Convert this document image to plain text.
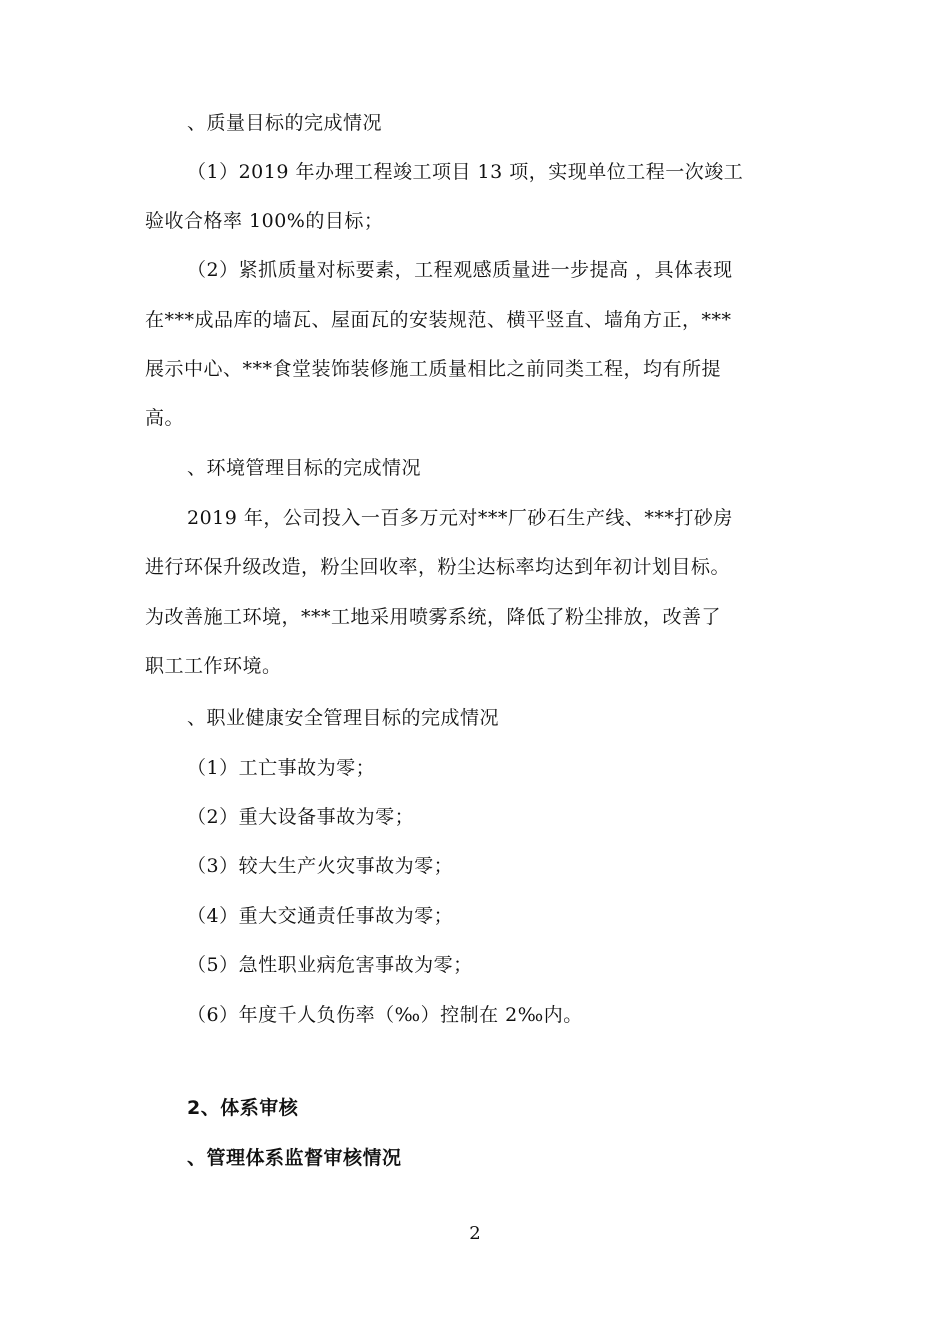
、质量目标的完成情况
（1）2019 年办理工程竣工项目 13 项，实现单位工程一次竣工
验收合格率 100%的目标；
（2）紧抓质量对标要素，工程观感质量进一步提高 ，具体表现
在***成品库的墙瓦、屋面瓦的安装规范、横平竖直、墙角方正，***
展示中心、***食堂装饰装修施工质量相比之前同类工程，均有所提
高。
、环境管理目标的完成情况
2019 年，公司投入一百多万元对***厂砂石生产线、***打砂房
进行环保升级改造，粉尘回收率，粉尘达标率均达到年初计划目标。
为改善施工环境，***工地采用喷雾系统，降低了粉尘排放，改善了
职工工作环境。
、职业健康安全管理目标的完成情况
（1）工亡事故为零；
（2）重大设备事故为零；
（3）较大生产火灾事故为零；
（4）重大交通责任事故为零；
（5）急性职业病危害事故为零；
（6）年度千人负伤率（‰）控制在 2‰内。
2、体系审核
、管理体系监督审核情况
2
